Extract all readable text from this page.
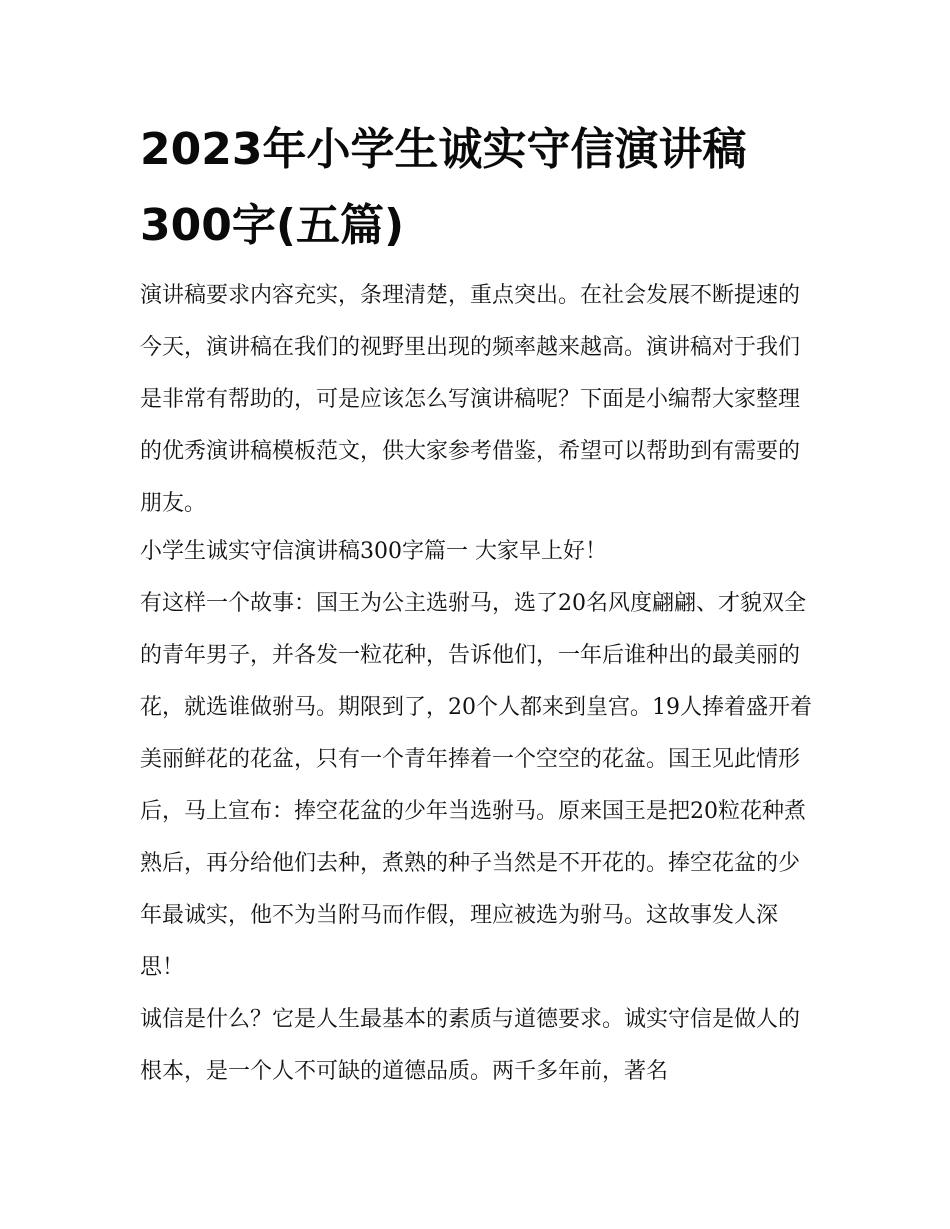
2023年小学生诚实守信演讲稿300字(五篇)

演讲稿要求内容充实，条理清楚，重点突出。在社会发展不断提速的今天，演讲稿在我们的视野里出现的频率越来越高。演讲稿对于我们是非常有帮助的，可是应该怎么写演讲稿呢？下面是小编帮大家整理的优秀演讲稿模板范文，供大家参考借鉴，希望可以帮助到有需要的朋友。

小学生诚实守信演讲稿300字篇一 大家早上好！

有这样一个故事：国王为公主选驸马，选了20名风度翩翩、才貌双全的青年男子，并各发一粒花种，告诉他们，一年后谁种出的最美丽的花，就选谁做驸马。期限到了，20个人都来到皇宫。19人捧着盛开着美丽鲜花的花盆，只有一个青年捧着一个空空的花盆。国王见此情形后，马上宣布：捧空花盆的少年当选驸马。原来国王是把20粒花种煮熟后，再分给他们去种，煮熟的种子当然是不开花的。捧空花盆的少年最诚实，他不为当附马而作假，理应被选为驸马。这故事发人深思！

诚信是什么？它是人生最基本的素质与道德要求。诚实守信是做人的根本，是一个人不可缺的道德品质。两千多年前，著名
